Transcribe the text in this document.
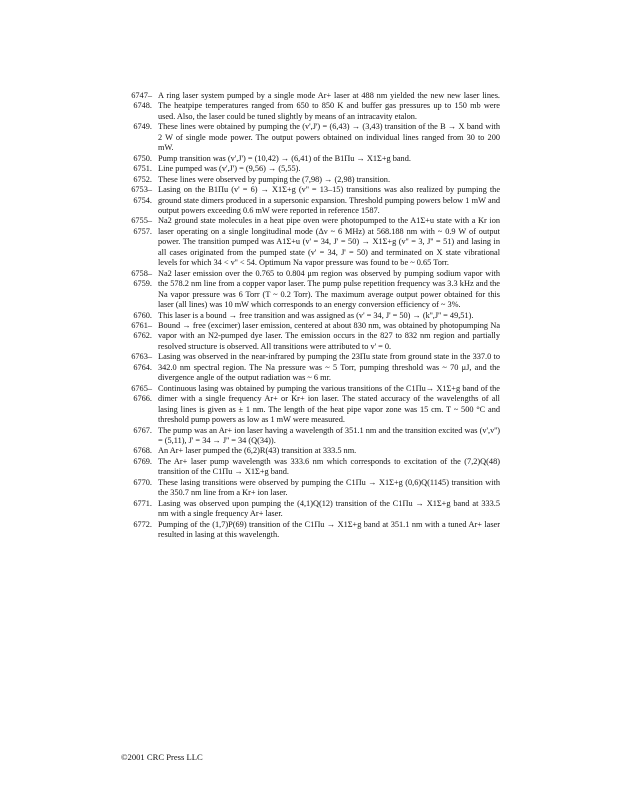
6747–
6748.
A ring laser system pumped by a single mode Ar+ laser at 488 nm yielded the new new laser lines. The heatpipe temperatures ranged from 650 to 850 K and buffer gas pressures up to 150 mb were used. Also, the laser could be tuned slightly by means of an intracavity etalon.
6749. These lines were obtained by pumping the (v',J') = (6,43) → (3,43) transition of the B → X band with 2 W of single mode power. The output powers obtained on individual lines ranged from 30 to 200 mW.
6750. Pump transition was (v',J') = (10,42) → (6,41) of the B1Πu → X1Σ+g band.
6751. Line pumped was (v',J') = (9,56) → (5,55).
6752. These lines were observed by pumping the (7,98) → (2,98) transition.
6753–
6754.
Lasing on the B1Πu (v' = 6) → X1Σ+g (v'' = 13–15) transitions was also realized by pumping the ground state dimers produced in a supersonic expansion. Threshold pumping powers below 1 mW and output powers exceeding 0.6 mW were reported in reference 1587.
6755–
6757.
Na2 ground state molecules in a heat pipe oven were photopumped to the A1Σ+u state with a Kr ion laser operating on a single longitudinal mode (Δν ~ 6 MHz) at 568.188 nm with ~ 0.9 W of output power. The transition pumped was A1Σ+u (v' = 34, J' = 50) → X1Σ+g (v'' = 3, J'' = 51) and lasing in all cases originated from the pumped state (v' = 34, J' = 50) and terminated on X state vibrational levels for which 34 < v'' < 54. Optimum Na vapor pressure was found to be ~ 0.65 Torr.
6758–
6759.
Na2 laser emission over the 0.765 to 0.804 μm region was observed by pumping sodium vapor with the 578.2 nm line from a copper vapor laser. The pump pulse repetition frequency was 3.3 kHz and the Na vapor pressure was 6 Torr (T ~ 0.2 Torr). The maximum average output power obtained for this laser (all lines) was 10 mW which corresponds to an energy conversion efficiency of ~ 3%.
6760. This laser is a bound → free transition and was assigned as (v' = 34, J' = 50) → (k'',J'' = 49,51).
6761–
6762.
Bound → free (excimer) laser emission, centered at about 830 nm, was obtained by photopumping Na vapor with an N2-pumped dye laser. The emission occurs in the 827 to 832 nm region and partially resolved structure is observed. All transitions were attributed to v' = 0.
6763–
6764.
Lasing was observed in the near-infrared by pumping the 23Πu state from ground state in the 337.0 to 342.0 nm spectral region. The Na pressure was ~ 5 Torr, pumping threshold was ~ 70 μJ, and the divergence angle of the output radiation was ~ 6 mr.
6765–
6766.
Continuous lasing was obtained by pumping the various transitions of the C1Πu→ X1Σ+g band of the dimer with a single frequency Ar+ or Kr+ ion laser. The stated accuracy of the wavelengths of all lasing lines is given as ± 1 nm. The length of the heat pipe vapor zone was 15 cm. T ~ 500 °C and threshold pump powers as low as 1 mW were measured.
6767. The pump was an Ar+ ion laser having a wavelength of 351.1 nm and the transition excited was (v',v'') = (5,11), J' = 34 → J'' = 34 (Q(34)).
6768. An Ar+ laser pumped the (6,2)R(43) transition at 333.5 nm.
6769. The Ar+ laser pump wavelength was 333.6 nm which corresponds to excitation of the (7,2)Q(48) transition of the C1Πu → X1Σ+g band.
6770. These lasing transitions were observed by pumping the C1Πu → X1Σ+g (0,6)Q(1145) transition with the 350.7 nm line from a Kr+ ion laser.
6771. Lasing was observed upon pumping the (4,1)Q(12) transition of the C1Πu → X1Σ+g band at 333.5 nm with a single frequency Ar+ laser.
6772. Pumping of the (1,7)P(69) transition of the C1Πu → X1Σ+g band at 351.1 nm with a tuned Ar+ laser resulted in lasing at this wavelength.
©2001 CRC Press LLC
